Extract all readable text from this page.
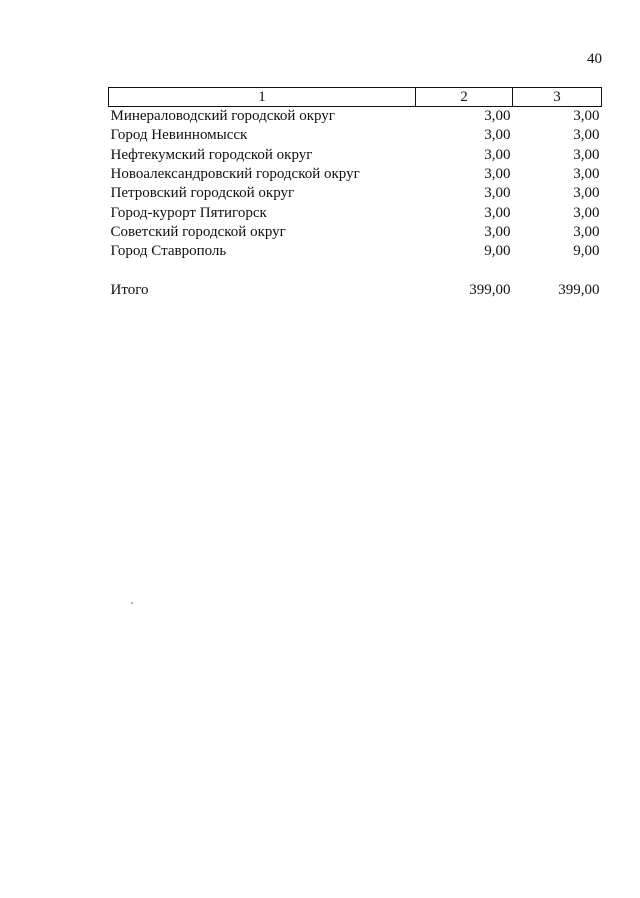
40
1	2	3
Минераловодский городской округ	3,00	3,00
Город Невинномысск	3,00	3,00
Нефтекумский городской округ	3,00	3,00
Новоалександровский городской округ	3,00	3,00
Петровский городской округ	3,00	3,00
Город-курорт Пятигорск	3,00	3,00
Советский городской округ	3,00	3,00
Город Ставрополь	9,00	9,00

Итого	399,00	399,00
